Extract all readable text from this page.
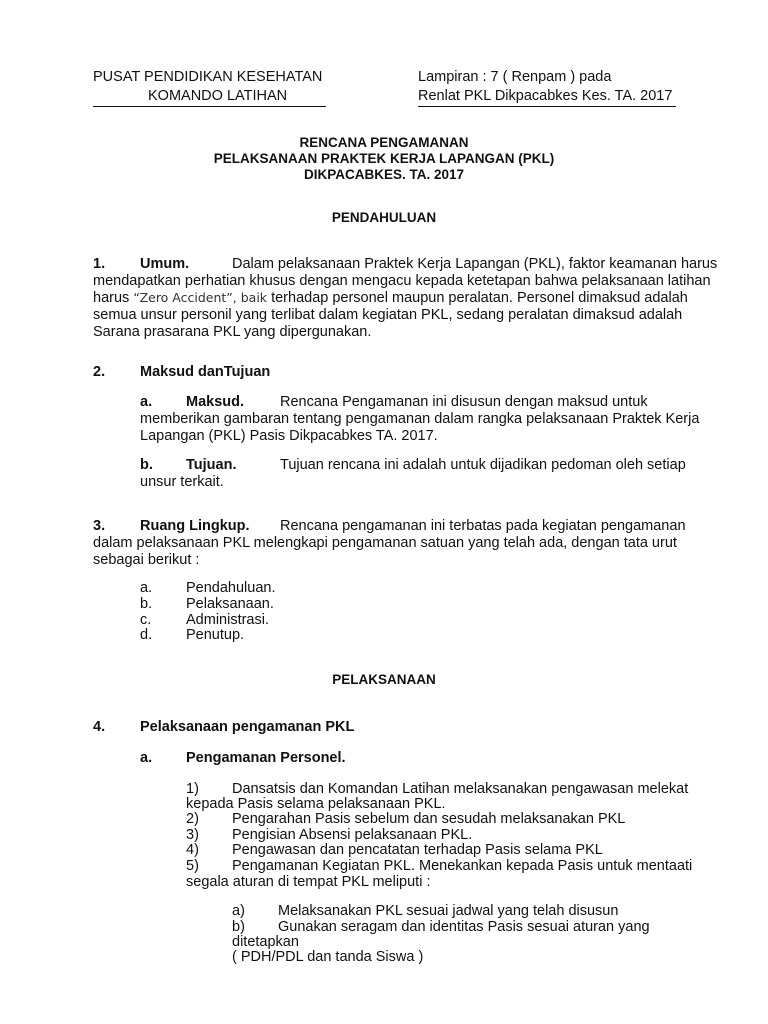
PUSAT PENDIDIKAN KESEHATAN
KOMANDO LATIHAN
Lampiran : 7 ( Renpam ) pada
Renlat PKL Dikpacabkes Kes. TA. 2017
RENCANA PENGAMANAN
PELAKSANAAN PRAKTEK KERJA LAPANGAN (PKL)
DIKPACABKES. TA. 2017
PENDAHULUAN
1. Umum.	Dalam pelaksanaan Praktek Kerja Lapangan (PKL), faktor keamanan harus
mendapatkan perhatian khusus dengan mengacu kepada ketetapan bahwa pelaksanaan latihan
harus “Zero Accident”, baik terhadap personel maupun peralatan. Personel dimaksud adalah
semua unsur personil yang terlibat dalam kegiatan PKL, sedang peralatan dimaksud adalah
Sarana prasarana PKL yang dipergunakan.
2. Maksud danTujuan
a. Maksud. Rencana Pengamanan ini disusun dengan maksud untuk
memberikan gambaran tentang pengamanan dalam rangka pelaksanaan Praktek Kerja
Lapangan (PKL) Pasis Dikpacabkes TA. 2017.
b. Tujuan.	Tujuan rencana ini adalah untuk dijadikan pedoman oleh setiap
unsur terkait.
3. Ruang Lingkup. Rencana pengamanan ini terbatas pada kegiatan pengamanan
dalam pelaksanaan PKL melengkapi pengamanan satuan yang telah ada, dengan tata urut
sebagai berikut :
a. Pendahuluan.
b. Pelaksanaan.
c. Administrasi.
d. Penutup.
PELAKSANAAN
4. Pelaksanaan pengamanan PKL
a. Pengamanan Personel.
1) Dansatsis dan Komandan Latihan melaksanakan pengawasan melekat
kepada Pasis selama pelaksanaan PKL.
2) Pengarahan Pasis sebelum dan sesudah melaksanakan PKL
3) Pengisian Absensi pelaksanaan PKL.
4) Pengawasan dan pencatatan terhadap Pasis selama PKL
5) Pengamanan Kegiatan PKL. Menekankan kepada Pasis untuk mentaati
segala aturan di tempat PKL meliputi :
a) Melaksanakan PKL sesuai jadwal yang telah disusun
b) Gunakan seragam dan identitas Pasis sesuai aturan yang
ditetapkan
( PDH/PDL dan tanda Siswa )
